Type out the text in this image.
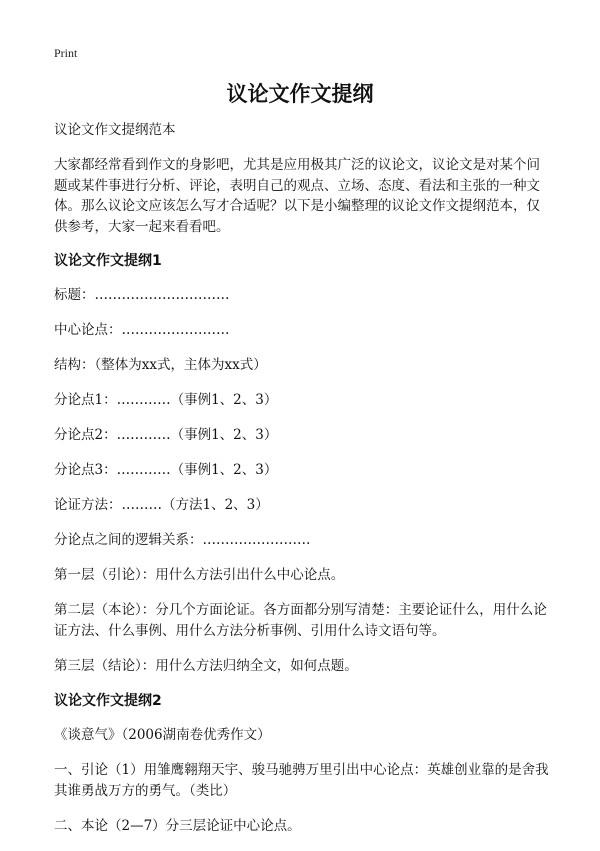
Print
议论文作文提纲

议论文作文提纲范本

大家都经常看到作文的身影吧，尤其是应用极其广泛的议论文，议论文是对某个问题或某件事进行分析、评论，表明自己的观点、立场、态度、看法和主张的一种文体。那么议论文应该怎么写才合适呢？以下是小编整理的议论文作文提纲范本，仅供参考，大家一起来看看吧。

议论文作文提纲1

标题：…………………………

中心论点：……………………

结构：（整体为xx式，主体为xx式）

分论点1：…………（事例1、2、3）

分论点2：…………（事例1、2、3）

分论点3：…………（事例1、2、3）

论证方法：………（方法1、2、3）

分论点之间的逻辑关系：……………………

第一层（引论）：用什么方法引出什么中心论点。

第二层（本论）：分几个方面论证。各方面都分别写清楚：主要论证什么，用什么论证方法、什么事例、用什么方法分析事例、引用什么诗文语句等。

第三层（结论）：用什么方法归纳全文，如何点题。

议论文作文提纲2

《谈意气》（2006湖南卷优秀作文）

一、引论（1）用雏鹰翱翔天宇、骏马驰骋万里引出中心论点：英雄创业靠的是舍我其谁勇战万方的勇气。（类比）

二、本论（2—7）分三层论证中心论点。
